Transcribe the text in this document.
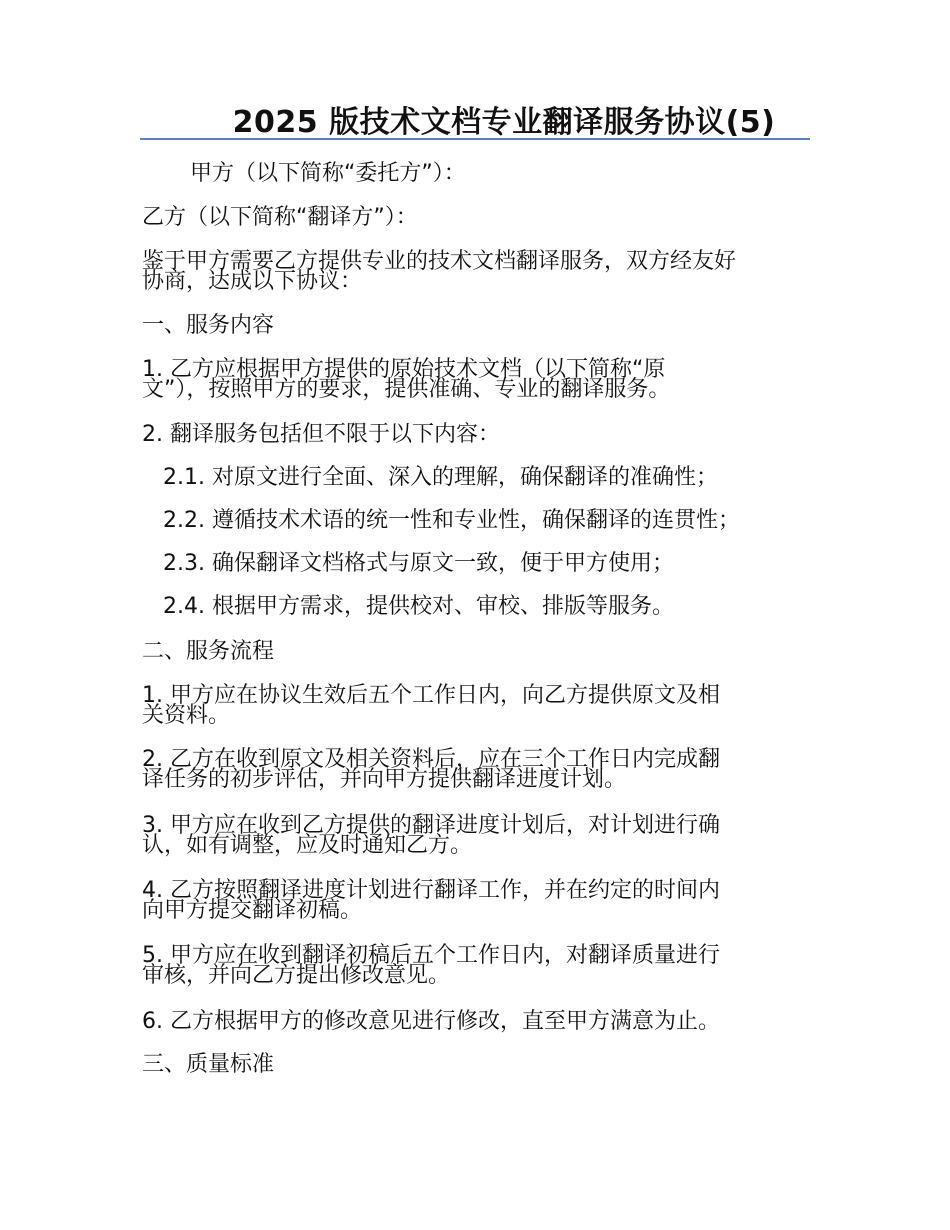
2025 版技术文档专业翻译服务协议(5)
甲方（以下简称“委托方”）：
乙方（以下简称“翻译方”）：
鉴于甲方需要乙方提供专业的技术文档翻译服务，双方经友好
协商，达成以下协议：
一、服务内容
1. 乙方应根据甲方提供的原始技术文档（以下简称“原
文”），按照甲方的要求，提供准确、专业的翻译服务。
2. 翻译服务包括但不限于以下内容：
2.1. 对原文进行全面、深入的理解，确保翻译的准确性；
2.2. 遵循技术术语的统一性和专业性，确保翻译的连贯性；
2.3. 确保翻译文档格式与原文一致，便于甲方使用；
2.4. 根据甲方需求，提供校对、审校、排版等服务。
二、服务流程
1. 甲方应在协议生效后五个工作日内，向乙方提供原文及相
关资料。
2. 乙方在收到原文及相关资料后，应在三个工作日内完成翻
译任务的初步评估，并向甲方提供翻译进度计划。
3. 甲方应在收到乙方提供的翻译进度计划后，对计划进行确
认，如有调整，应及时通知乙方。
4. 乙方按照翻译进度计划进行翻译工作，并在约定的时间内
向甲方提交翻译初稿。
5. 甲方应在收到翻译初稿后五个工作日内，对翻译质量进行
审核，并向乙方提出修改意见。
6. 乙方根据甲方的修改意见进行修改，直至甲方满意为止。
三、质量标准
